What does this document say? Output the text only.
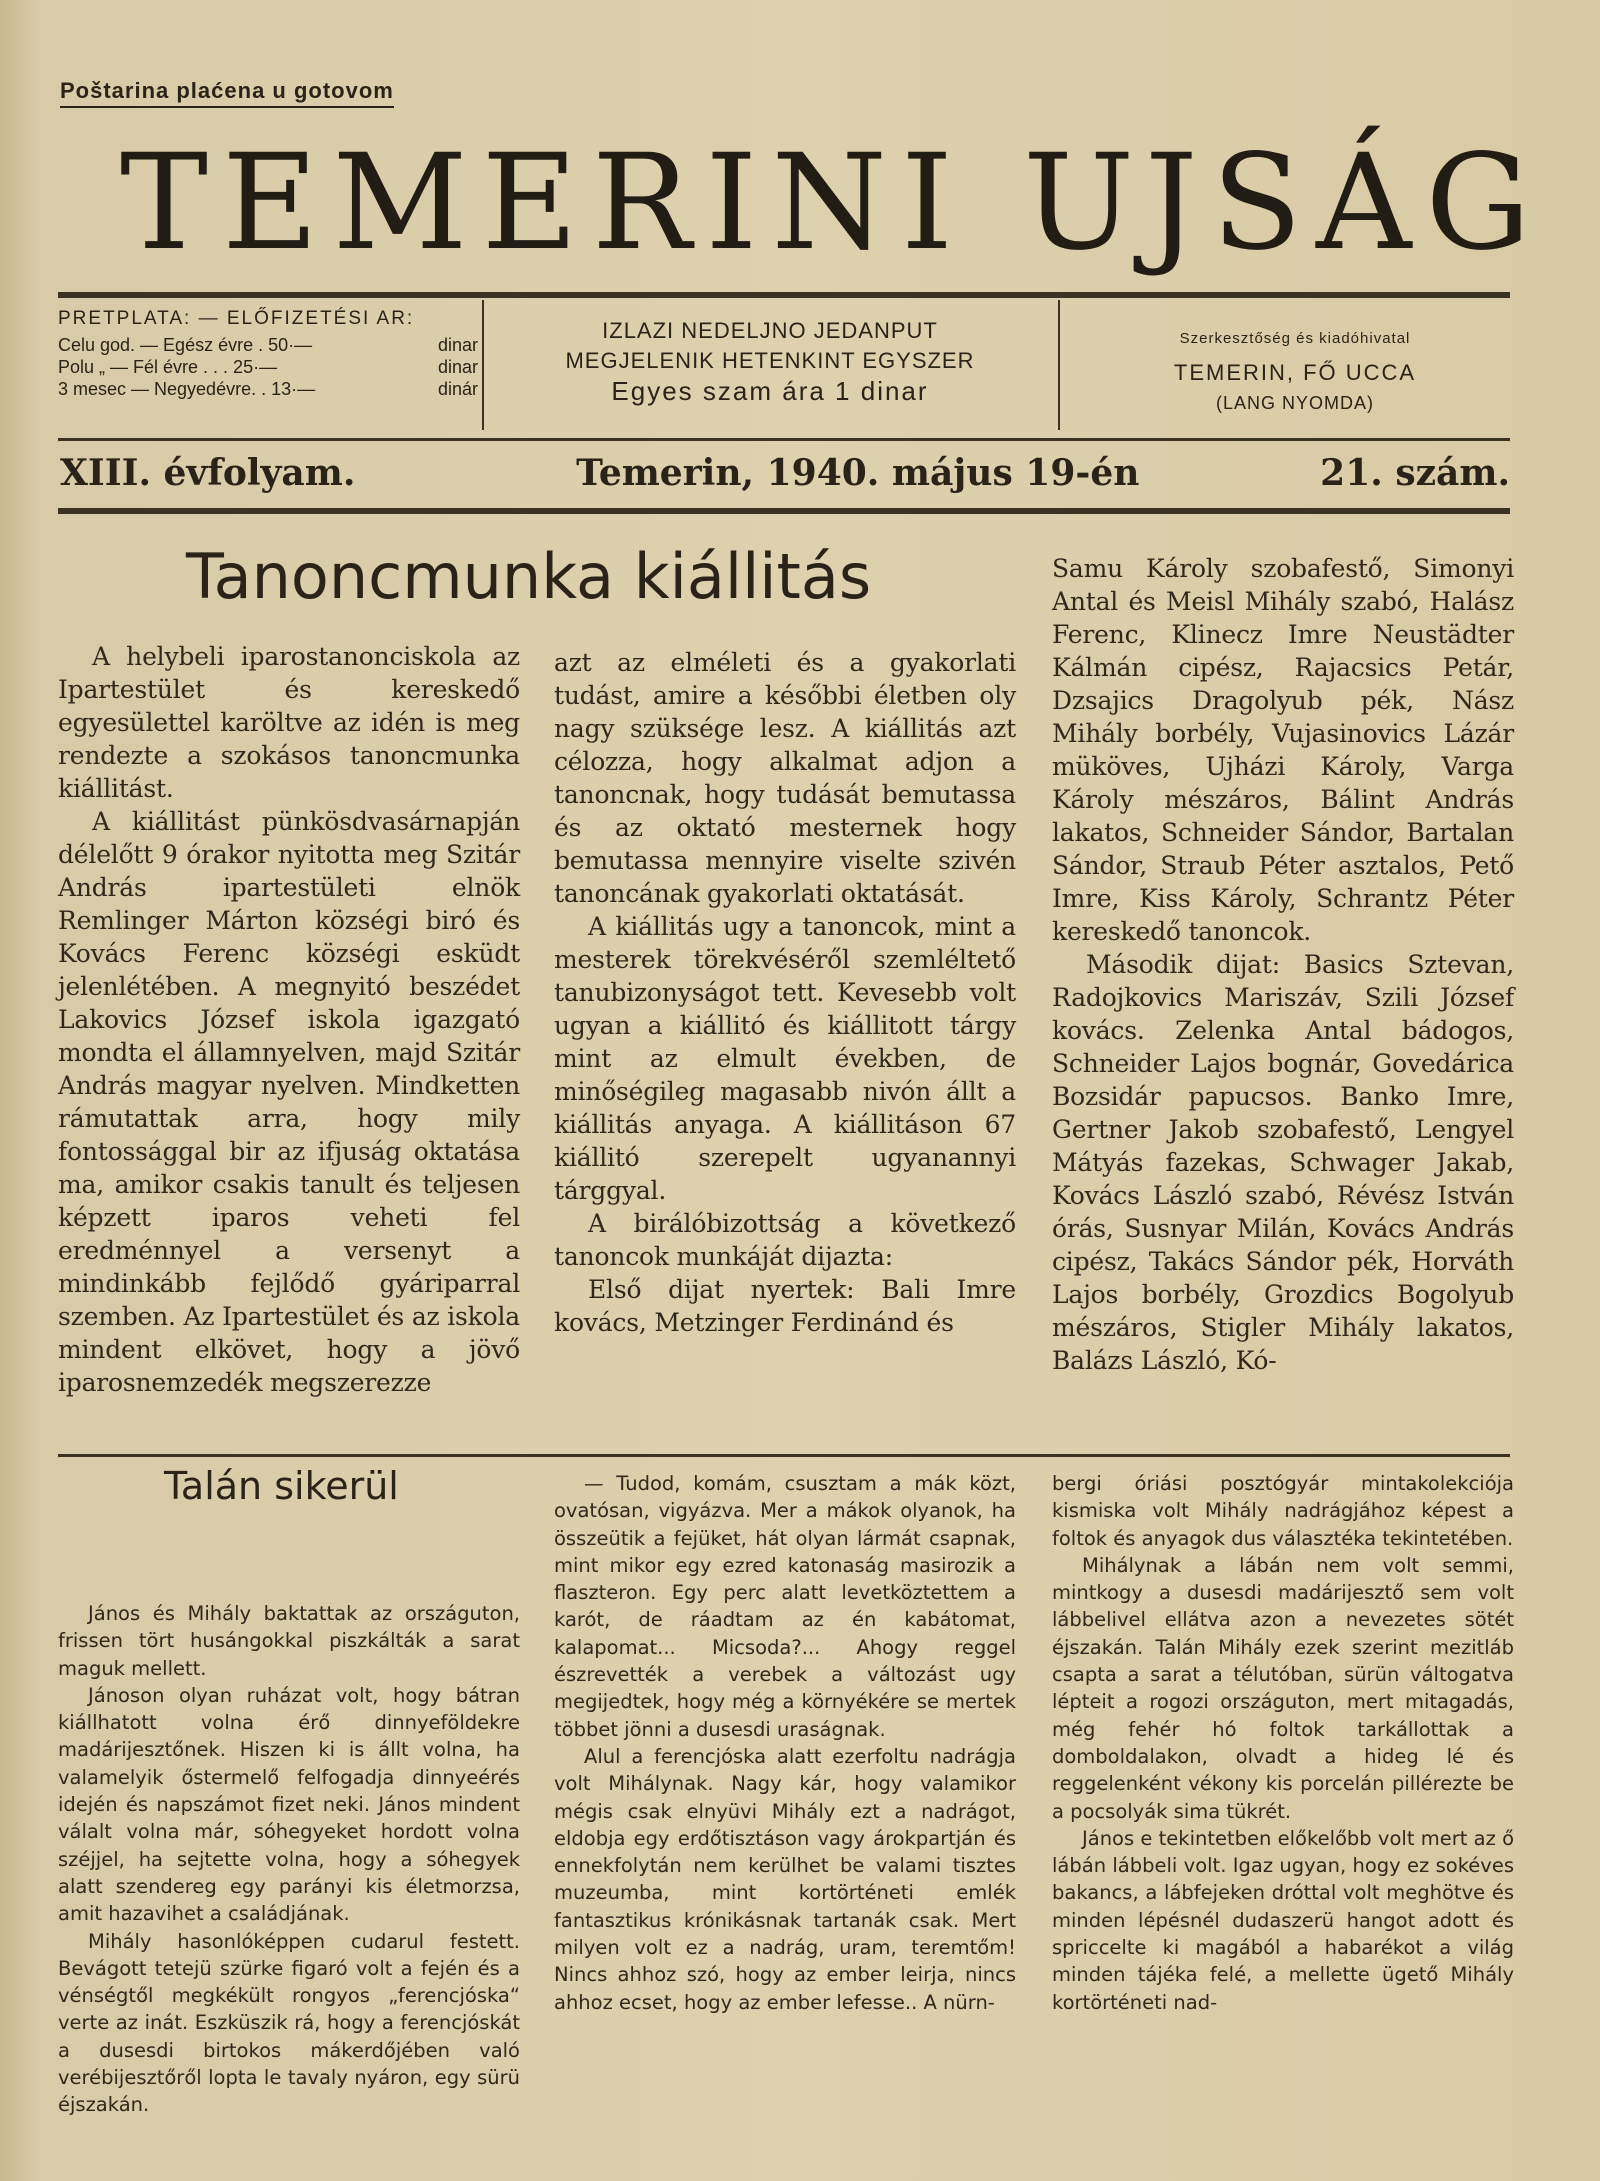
Poštarina plaćena u gotovom
TEMERINI UJSÁG
PRETPLATA: — ELŐFIZETÉSI AR:
Celu god. — Egész évre . 50·—	dinar
Polu „ — Fél évre . . . 25·—	dinar
3 mesec — Negyedévre. . 13·—	dinár
IZLAZI NEDELJNO JEDANPUT
MEGJELENIK HETENKINT EGYSZER
Egyes szam ára 1 dinar
Szerkesztőség és kiadóhivatal
TEMERIN, FŐ UCCA
(LANG NYOMDA)
XIII. évfolyam.	Temerin, 1940. május 19-én	21. szám.
Tanoncmunka kiállitás

A helybeli iparostanonciskola az Ipartestület és kereskedő egyesülettel karöltve az idén is meg rendezte a szokásos tanoncmunka kiállitást.

A kiállitást pünkösdvasárnapján délelőtt 9 órakor nyitotta meg Szitár András ipartestületi elnök Remlinger Márton községi biró és Kovács Ferenc községi esküdt jelenlétében. A megnyitó beszédet Lakovics József iskola igazgató mondta el államnyelven, majd Szitár András magyar nyelven. Mindketten rámutattak arra, hogy mily fontossággal bir az ifjuság oktatása ma, amikor csakis tanult és teljesen képzett iparos veheti fel eredménnyel a versenyt a mindinkább fejlődő gyáriparral szemben. Az Ipartestület és az iskola mindent elkövet, hogy a jövő iparosnemzedék megszerezze

azt az elméleti és a gyakorlati tudást, amire a későbbi életben oly nagy szüksége lesz. A kiállitás azt célozza, hogy alkalmat adjon a tanoncnak, hogy tudását bemutassa és az oktató mesternek hogy bemutassa mennyire viselte szivén tanoncának gyakorlati oktatását.

A kiállitás ugy a tanoncok, mint a mesterek törekvéséről szemléltető tanubizonyságot tett. Kevesebb volt ugyan a kiállitó és kiállitott tárgy mint az elmult években, de minőségileg magasabb nivón állt a kiállitás anyaga. A kiállitáson 67 kiállitó szerepelt ugyanannyi tárggyal.

A birálóbizottság a következő tanoncok munkáját dijazta:

Első dijat nyertek: Bali Imre kovács, Metzinger Ferdinánd és

Samu Károly szobafestő, Simonyi Antal és Meisl Mihály szabó, Halász Ferenc, Klinecz Imre Neustädter Kálmán cipész, Rajacsics Petár, Dzsajics Dragolyub pék, Nász Mihály borbély, Vujasinovics Lázár müköves, Ujházi Károly, Varga Károly mészáros, Bálint András lakatos, Schneider Sándor, Bartalan Sándor, Straub Péter asztalos, Pető Imre, Kiss Károly, Schrantz Péter kereskedő tanoncok.

Második dijat: Basics Sztevan, Radojkovics Mariszáv, Szili József kovács. Zelenka Antal bádogos, Schneider Lajos bognár, Govedárica Bozsidár papucsos. Banko Imre, Gertner Jakob szobafestő, Lengyel Mátyás fazekas, Schwager Jakab, Kovács László szabó, Révész István órás, Susnyar Milán, Kovács András cipész, Takács Sándor pék, Horváth Lajos borbély, Grozdics Bogolyub mészáros, Stigler Mihály lakatos, Balázs László, Kó-

Talán sikerül

János és Mihály baktattak az országuton, frissen tört husángokkal piszkálták a sarat maguk mellett.

Jánoson olyan ruházat volt, hogy bátran kiállhatott volna érő dinnyeföldekre madárijesztőnek. Hiszen ki is állt volna, ha valamelyik őstermelő felfogadja dinnyeérés idején és napszámot fizet neki. János mindent válalt volna már, sóhegyeket hordott volna széjjel, ha sejtette volna, hogy a sóhegyek alatt szendereg egy parányi kis életmorzsa, amit hazavihet a családjának.

Mihály hasonlóképpen cudarul festett. Bevágott tetejü szürke figaró volt a fején és a vénségtől megkékült rongyos „ferencjóska“ verte az inát. Eszküszik rá, hogy a ferencjóskát a dusesdi birtokos mákerdőjében való verébijesztőről lopta le tavaly nyáron, egy sürü éjszakán.

— Tudod, komám, csusztam a mák közt, ovatósan, vigyázva. Mer a mákok olyanok, ha összeütik a fejüket, hát olyan lármát csapnak, mint mikor egy ezred katonaság masirozik a flaszteron. Egy perc alatt levetköztettem a karót, de ráadtam az én kabátomat, kalapomat... Micsoda?... Ahogy reggel észrevették a verebek a változást ugy megijedtek, hogy még a környékére se mertek többet jönni a dusesdi uraságnak.

Alul a ferencjóska alatt ezerfoltu nadrágja volt Mihálynak. Nagy kár, hogy valamikor mégis csak elnyüvi Mihály ezt a nadrágot, eldobja egy erdőtisztáson vagy árokpartján és ennekfolytán nem kerülhet be valami tisztes muzeumba, mint kortörténeti emlék fantasztikus krónikásnak tartanák csak. Mert milyen volt ez a nadrág, uram, teremtőm! Nincs ahhoz szó, hogy az ember leirja, nincs ahhoz ecset, hogy az ember lefesse.. A nürn-

bergi óriási posztógyár mintakolekciója kismiska volt Mihály nadrágjához képest a foltok és anyagok dus választéka tekintetében.

Mihálynak a lábán nem volt semmi, mintkogy a dusesdi madárijesztő sem volt lábbelivel ellátva azon a nevezetes sötét éjszakán. Talán Mihály ezek szerint mezitláb csapta a sarat a télutóban, sürün váltogatva lépteit a rogozi országuton, mert mitagadás, még fehér hó foltok tarkállottak a domboldalakon, olvadt a hideg lé és reggelenként vékony kis porcelán pillérezte be a pocsolyák sima tükrét.

János e tekintetben előkelőbb volt mert az ő lábán lábbeli volt. Igaz ugyan, hogy ez sokéves bakancs, a lábfejeken dróttal volt meghötve és minden lépésnél dudaszerü hangot adott és spriccelte ki magából a habarékot a világ minden tájéka felé, a mellette ügető Mihály kortörténeti nad-
